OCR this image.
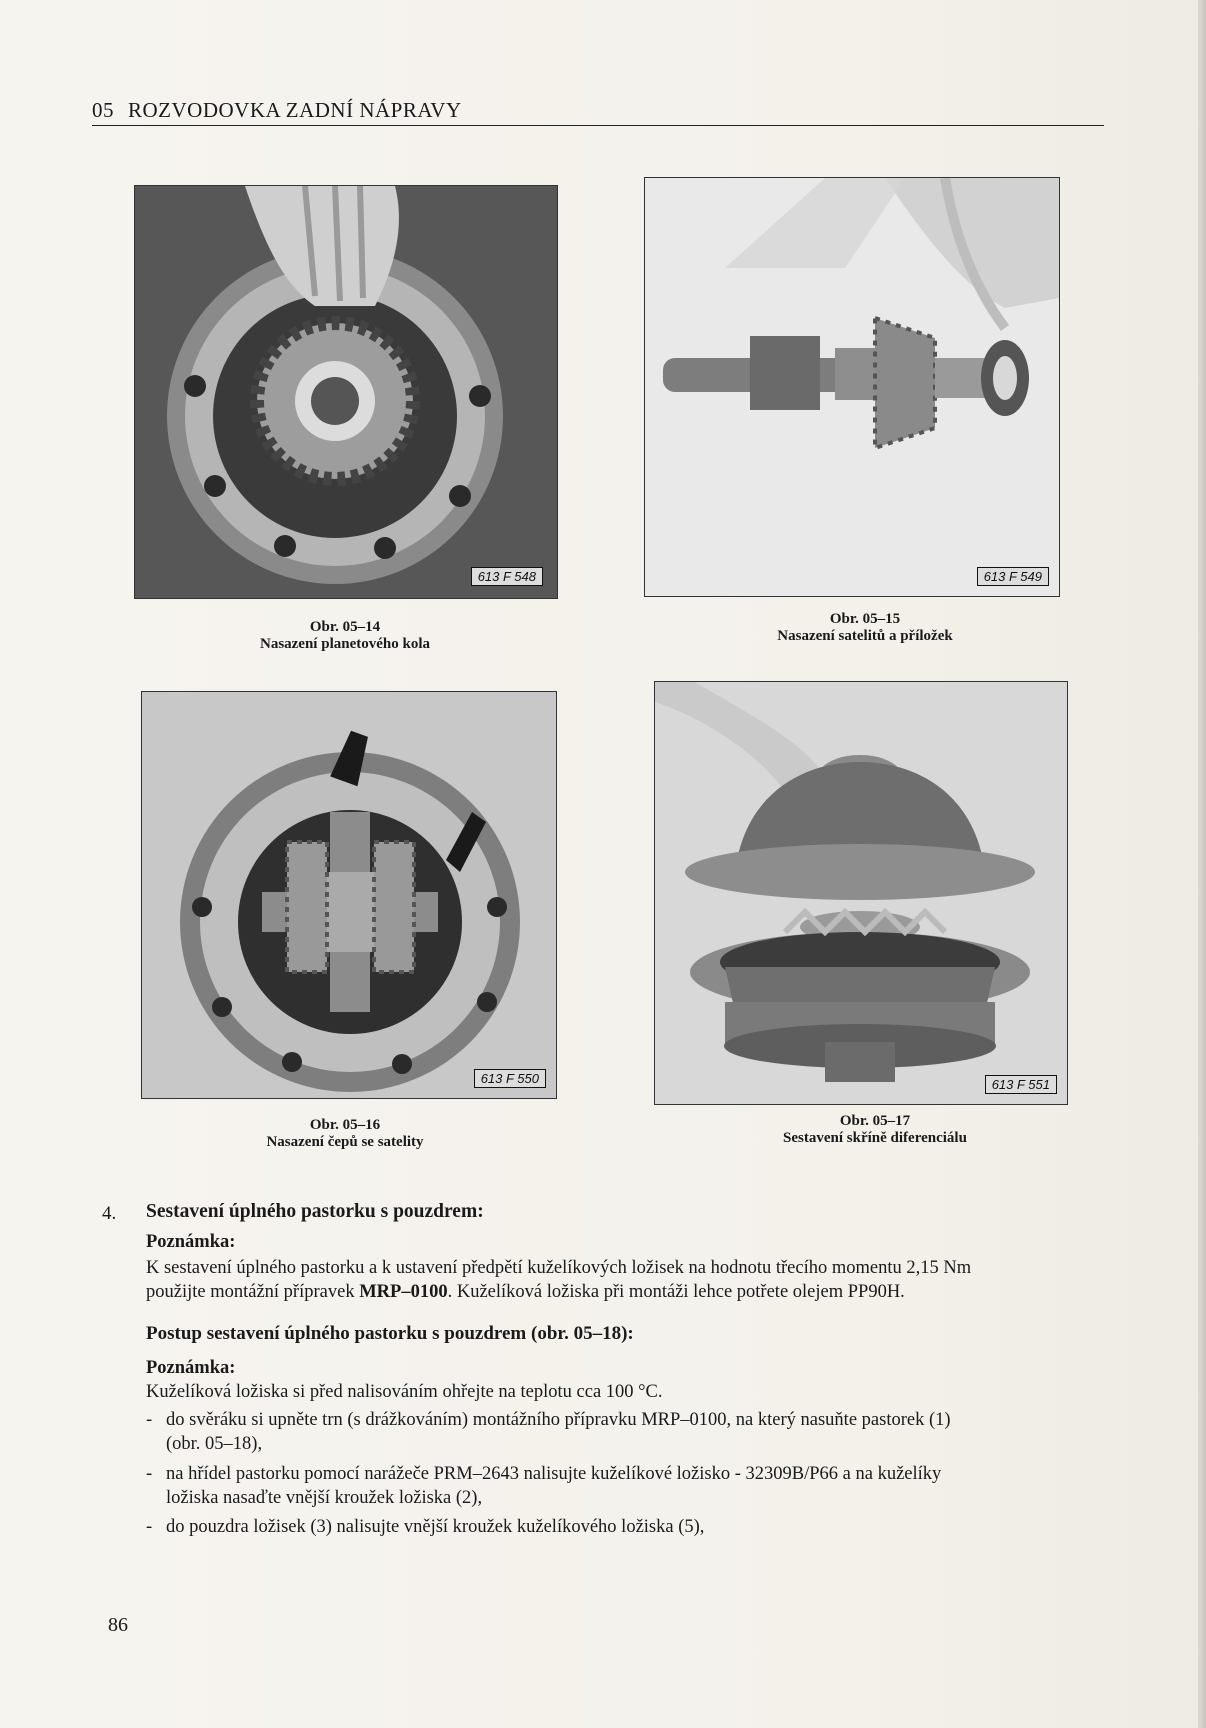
05 ROZVODOVKA ZADNÍ NÁPRAVY
613 F 548
Obr. 05–14
Nasazení planetového kola
613 F 549
Obr. 05–15
Nasazení satelitů a příložek
613 F 550
Obr. 05–16
Nasazení čepů se satelity
613 F 551
Obr. 05–17
Sestavení skříně diferenciálu
4. Sestavení úplného pastorku s pouzdrem:
Poznámka:
K sestavení úplného pastorku a k ustavení předpětí kuželíkových ložisek na hodnotu třecího momentu 2,15 Nm
použijte montážní přípravek MRP–0100. Kuželíková ložiska při montáži lehce potřete olejem PP90H.
Postup sestavení úplného pastorku s pouzdrem (obr. 05–18):
Poznámka:
Kuželíková ložiska si před nalisováním ohřejte na teplotu cca 100 °C.
- do svěráku si upněte trn (s drážkováním) montážního přípravku MRP–0100, na který nasuňte pastorek (1)
(obr. 05–18),
- na hřídel pastorku pomocí narážeče PRM–2643 nalisujte kuželíkové ložisko - 32309B/P66 a na kuželíky
ložiska nasaďte vnější kroužek ložiska (2),
- do pouzdra ložisek (3) nalisujte vnější kroužek kuželíkového ložiska (5),
86
